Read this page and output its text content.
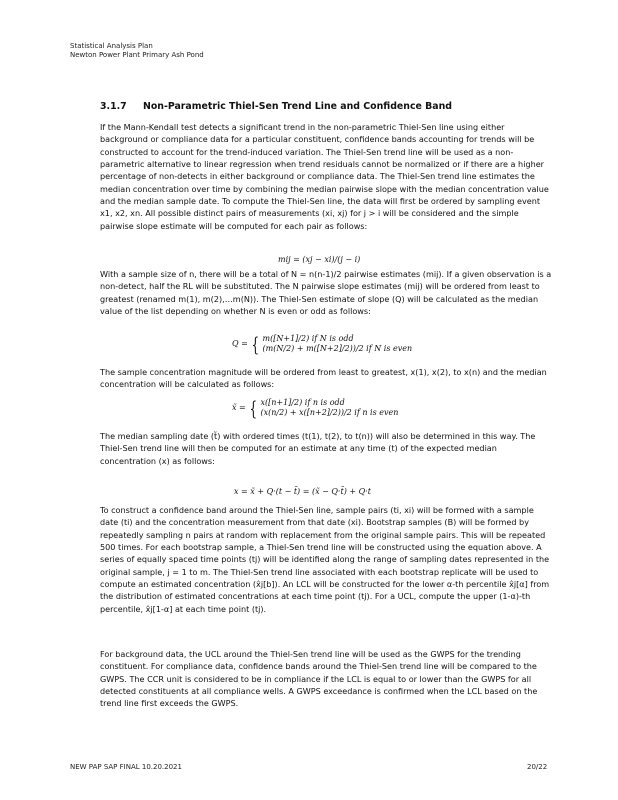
Statistical Analysis Plan
Newton Power Plant Primary Ash Pond
3.1.7 Non-Parametric Thiel-Sen Trend Line and Confidence Band

If the Mann-Kendall test detects a significant trend in the non-parametric Thiel-Sen line using either background or compliance data for a particular constituent, confidence bands accounting for trends will be constructed to account for the trend-induced variation. The Thiel-Sen trend line will be used as a non-parametric alternative to linear regression when trend residuals cannot be normalized or if there are a higher percentage of non-detects in either background or compliance data. The Thiel-Sen trend line estimates the median concentration over time by combining the median pairwise slope with the median concentration value and the median sample date. To compute the Thiel-Sen line, the data will first be ordered by sampling event x1, x2, xn. All possible distinct pairs of measurements (xi, xj) for j > i will be considered and the simple pairwise slope estimate will be computed for each pair as follows:

mij = (xj − xi)/(j − i)

With a sample size of n, there will be a total of N = n(n-1)/2 pairwise estimates (mij). If a given observation is a non-detect, half the RL will be substituted. The N pairwise slope estimates (mij) will be ordered from least to greatest (renamed m(1), m(2),…m(N)). The Thiel-Sen estimate of slope (Q) will be calculated as the median value of the list depending on whether N is even or odd as follows:

Q = { m([N+1]/2) if N is odd
(m(N/2) + m([N+2]/2))/2 if N is even

The sample concentration magnitude will be ordered from least to greatest, x(1), x(2), to x(n) and the median concentration will be calculated as follows:

x̃ = { x([n+1]/2) if n is odd
(x(n/2) + x([n+2]/2))/2 if n is even

The median sampling date (t̃) with ordered times (t(1), t(2), to t(n)) will also be determined in this way. The Thiel-Sen trend line will then be computed for an estimate at any time (t) of the expected median concentration (x) as follows:

x = x̃ + Q·(t − t̃) = (x̃ − Q·t̃) + Q·t

To construct a confidence band around the Thiel-Sen line, sample pairs (ti, xi) will be formed with a sample date (ti) and the concentration measurement from that date (xi). Bootstrap samples (B) will be formed by repeatedly sampling n pairs at random with replacement from the original sample pairs. This will be repeated 500 times. For each bootstrap sample, a Thiel-Sen trend line will be constructed using the equation above. A series of equally spaced time points (tj) will be identified along the range of sampling dates represented in the original sample, j = 1 to m. The Thiel-Sen trend line associated with each bootstrap replicate will be used to compute an estimated concentration (x̂j[b]). An LCL will be constructed for the lower α-th percentile x̂j[α] from the distribution of estimated concentrations at each time point (tj). For a UCL, compute the upper (1-α)-th percentile, x̂j[1-α] at each time point (tj).

For background data, the UCL around the Thiel-Sen trend line will be used as the GWPS for the trending constituent. For compliance data, confidence bands around the Thiel-Sen trend line will be compared to the GWPS. The CCR unit is considered to be in compliance if the LCL is equal to or lower than the GWPS for all detected constituents at all compliance wells. A GWPS exceedance is confirmed when the LCL based on the trend line first exceeds the GWPS.

NEW PAP SAP FINAL 10.20.2021	20/22
